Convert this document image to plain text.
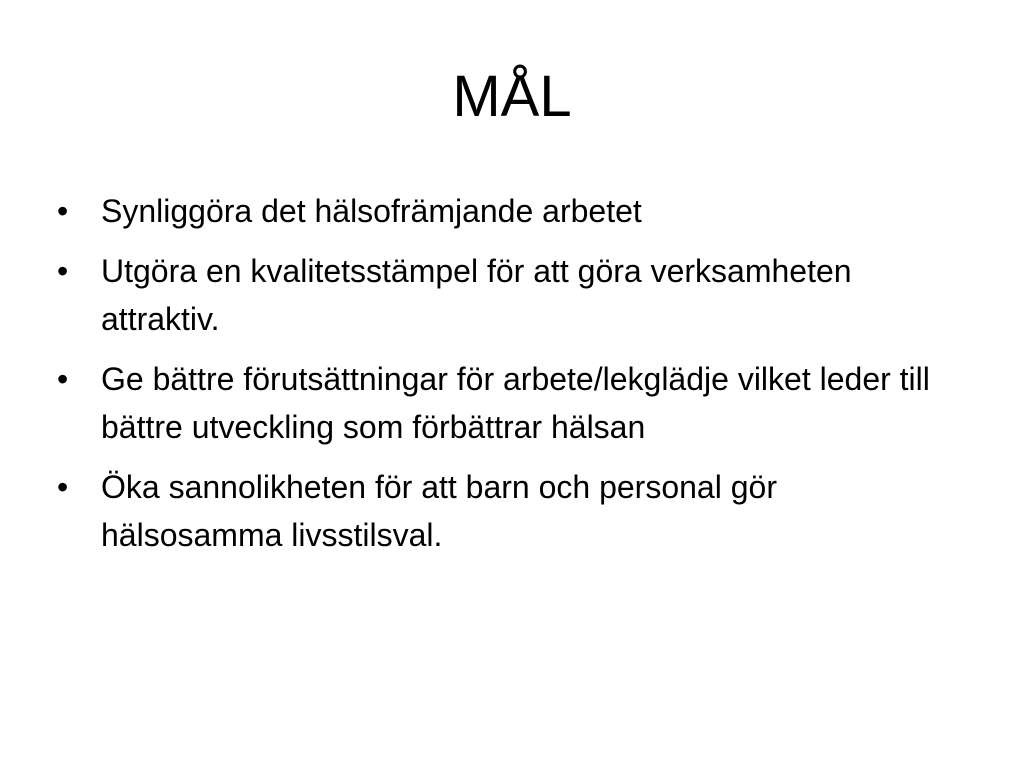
MÅL
•	Synliggöra det hälsofrämjande arbetet
•	Utgöra en kvalitetsstämpel för att göra verksamheten attraktiv.
•	Ge bättre förutsättningar för arbete/lekglädje vilket leder till bättre utveckling som förbättrar hälsan
•	Öka sannolikheten för att barn och personal gör hälsosamma livsstilsval.
